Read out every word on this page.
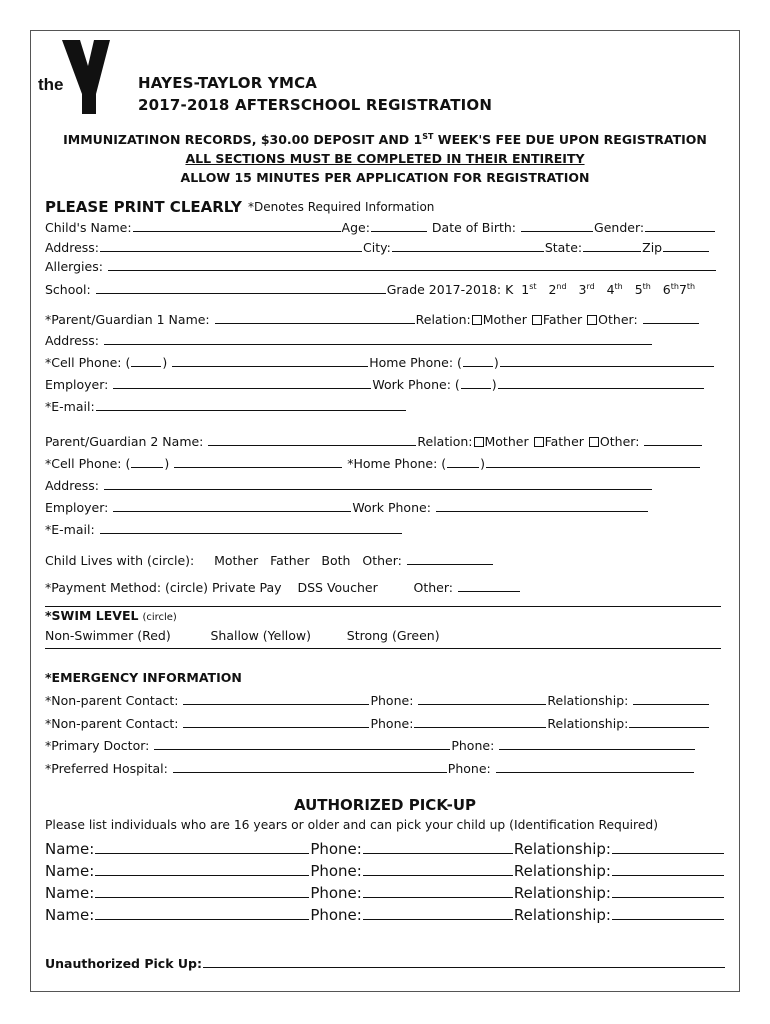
the
YMCA
HAYES-TAYLOR YMCA
2017-2018 AFTERSCHOOL REGISTRATION
IMMUNIZATINON RECORDS, $30.00 DEPOSIT AND 1ST WEEK'S FEE DUE UPON REGISTRATION
ALL SECTIONS MUST BE COMPLETED IN THEIR ENTIREITY
ALLOW 15 MINUTES PER APPLICATION FOR REGISTRATION
PLEASE PRINT CLEARLY *Denotes Required Information
Child's Name:	Age:	Date of Birth:	Gender:
Address:	City:	State:	Zip
Allergies:
School:	Grade 2017-2018: K 1st 2nd 3rd 4th 5th 6th7th
*Parent/Guardian 1 Name:	Relation: Mother Father Other:
Address:
*Cell Phone: (	)	Home Phone: (	)
Employer:	Work Phone: (	)
*E-mail:
Parent/Guardian 2 Name:	Relation: Mother Father Other:
*Cell Phone: (	)	*Home Phone: (	)
Address:
Employer:	Work Phone:
*E-mail:
Child Lives with (circle): Mother Father Both Other:
*Payment Method: (circle) Private Pay DSS Voucher	Other:
*SWIM LEVEL (circle)
Non-Swimmer (Red)	Shallow (Yellow)	Strong (Green)
*EMERGENCY INFORMATION
*Non-parent Contact:	Phone:	Relationship:
*Non-parent Contact:	Phone:	Relationship:
*Primary Doctor:	Phone:
*Preferred Hospital:	Phone:
AUTHORIZED PICK-UP
Please list individuals who are 16 years or older and can pick your child up (Identification Required)
Name:	Phone:	Relationship:
Name:	Phone:	Relationship:
Name:	Phone:	Relationship:
Name:	Phone:	Relationship:
Unauthorized Pick Up:
